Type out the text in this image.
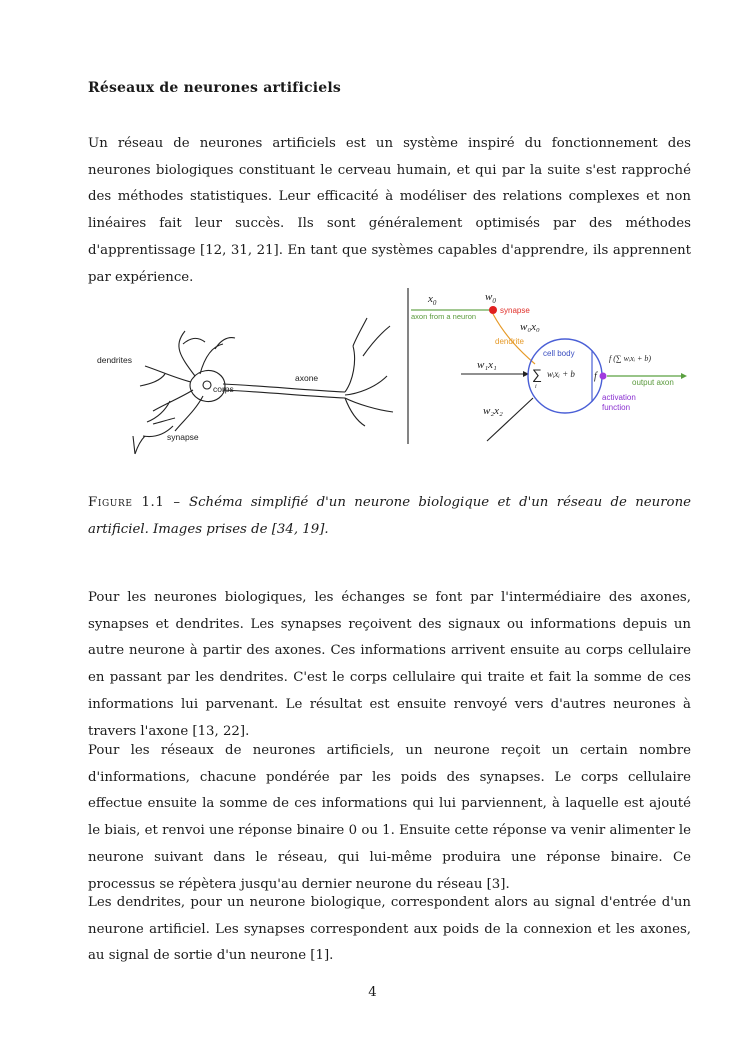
Réseaux de neurones artificiels

Un réseau de neurones artificiels est un système inspiré du fonctionnement des neurones biologiques constituant le cerveau humain, et qui par la suite s'est rapproché des méthodes statistiques. Leur efficacité à modéliser des relations complexes et non linéaires fait leur succès. Ils sont généralement optimisés par des méthodes d'apprentissage [12, 31, 21]. En tant que systèmes capables d'apprendre, ils apprennent par expérience.

dendrites
corps
axone
synapse
$x_0$	$w_0$
synapse
axon from a neuron
w₀x₀
dendrite
w₁x₁
w₂x₂
cell body
∑ wᵢxᵢ + b
i
f
f (∑ wᵢxᵢ + b)
output axon
activation
function
Figure 1.1 – Schéma simplifié d'un neurone biologique et d'un réseau de neurone artificiel. Images prises de [34, 19].

Pour les neurones biologiques, les échanges se font par l'intermédiaire des axones, synapses et dendrites. Les synapses reçoivent des signaux ou informations depuis un autre neurone à partir des axones. Ces informations arrivent ensuite au corps cellulaire en passant par les dendrites. C'est le corps cellulaire qui traite et fait la somme de ces informations lui parvenant. Le résultat est ensuite renvoyé vers d'autres neurones à travers l'axone [13, 22].

Pour les réseaux de neurones artificiels, un neurone reçoit un certain nombre d'informations, chacune pondérée par les poids des synapses. Le corps cellulaire effectue ensuite la somme de ces informations qui lui parviennent, à laquelle est ajouté le biais, et renvoi une réponse binaire 0 ou 1. Ensuite cette réponse va venir alimenter le neurone suivant dans le réseau, qui lui-même produira une réponse binaire. Ce processus se répètera jusqu'au dernier neurone du réseau [3].

Les dendrites, pour un neurone biologique, correspondent alors au signal d'entrée d'un neurone artificiel. Les synapses correspondent aux poids de la connexion et les axones, au signal de sortie d'un neurone [1].

4
